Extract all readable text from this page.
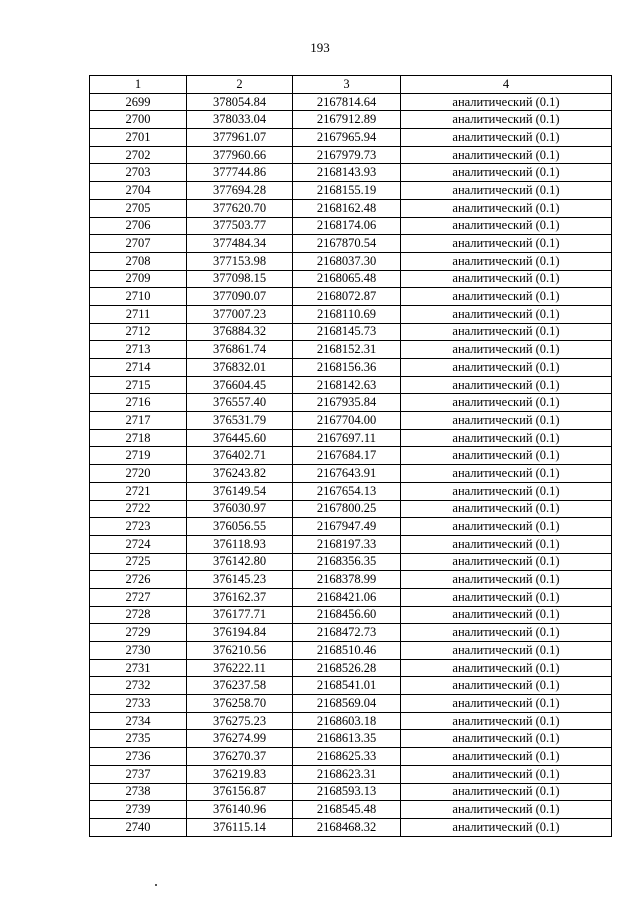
193
1	2	3	4
2699	378054.84	2167814.64	аналитический (0.1)
2700	378033.04	2167912.89	аналитический (0.1)
2701	377961.07	2167965.94	аналитический (0.1)
2702	377960.66	2167979.73	аналитический (0.1)
2703	377744.86	2168143.93	аналитический (0.1)
2704	377694.28	2168155.19	аналитический (0.1)
2705	377620.70	2168162.48	аналитический (0.1)
2706	377503.77	2168174.06	аналитический (0.1)
2707	377484.34	2167870.54	аналитический (0.1)
2708	377153.98	2168037.30	аналитический (0.1)
2709	377098.15	2168065.48	аналитический (0.1)
2710	377090.07	2168072.87	аналитический (0.1)
2711	377007.23	2168110.69	аналитический (0.1)
2712	376884.32	2168145.73	аналитический (0.1)
2713	376861.74	2168152.31	аналитический (0.1)
2714	376832.01	2168156.36	аналитический (0.1)
2715	376604.45	2168142.63	аналитический (0.1)
2716	376557.40	2167935.84	аналитический (0.1)
2717	376531.79	2167704.00	аналитический (0.1)
2718	376445.60	2167697.11	аналитический (0.1)
2719	376402.71	2167684.17	аналитический (0.1)
2720	376243.82	2167643.91	аналитический (0.1)
2721	376149.54	2167654.13	аналитический (0.1)
2722	376030.97	2167800.25	аналитический (0.1)
2723	376056.55	2167947.49	аналитический (0.1)
2724	376118.93	2168197.33	аналитический (0.1)
2725	376142.80	2168356.35	аналитический (0.1)
2726	376145.23	2168378.99	аналитический (0.1)
2727	376162.37	2168421.06	аналитический (0.1)
2728	376177.71	2168456.60	аналитический (0.1)
2729	376194.84	2168472.73	аналитический (0.1)
2730	376210.56	2168510.46	аналитический (0.1)
2731	376222.11	2168526.28	аналитический (0.1)
2732	376237.58	2168541.01	аналитический (0.1)
2733	376258.70	2168569.04	аналитический (0.1)
2734	376275.23	2168603.18	аналитический (0.1)
2735	376274.99	2168613.35	аналитический (0.1)
2736	376270.37	2168625.33	аналитический (0.1)
2737	376219.83	2168623.31	аналитический (0.1)
2738	376156.87	2168593.13	аналитический (0.1)
2739	376140.96	2168545.48	аналитический (0.1)
2740	376115.14	2168468.32	аналитический (0.1)
